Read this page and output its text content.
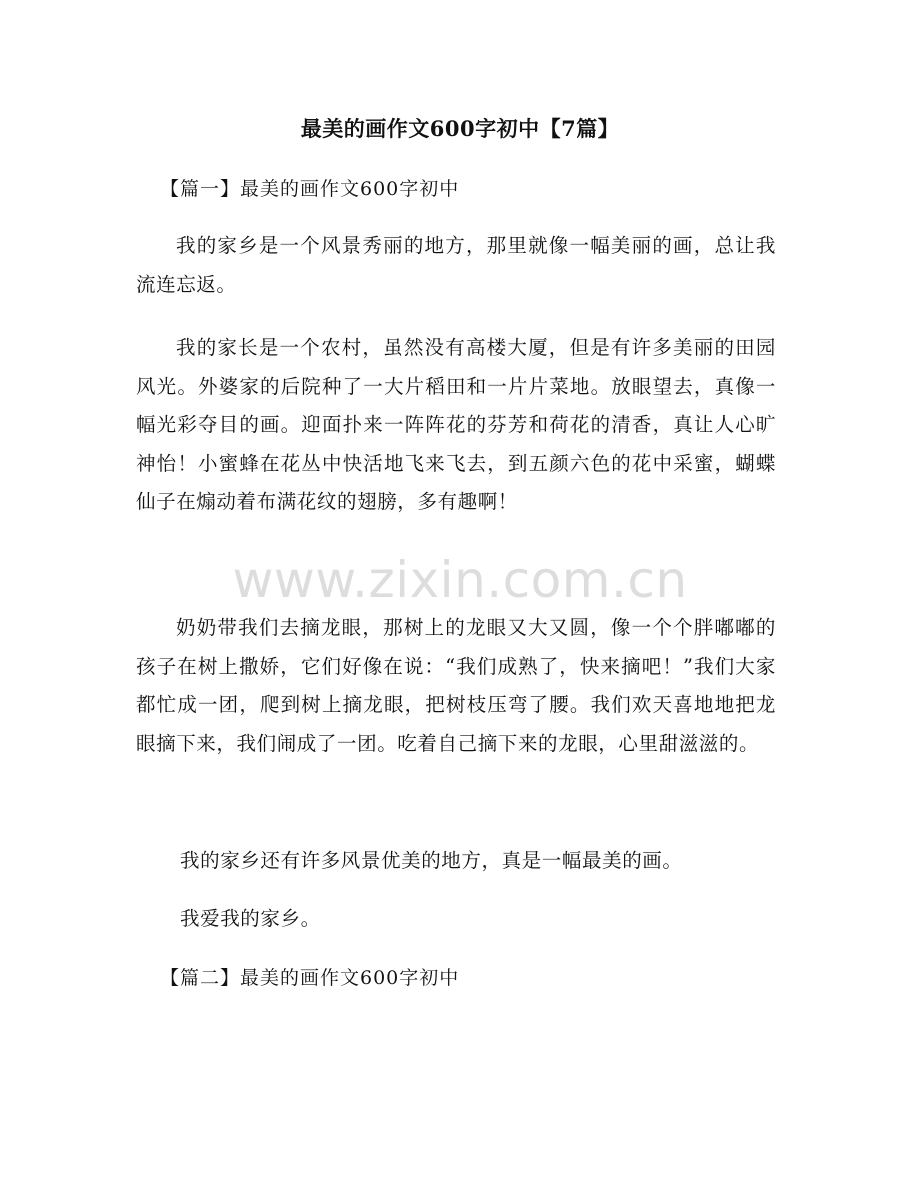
最美的画作文600字初中【7篇】
【篇一】最美的画作文600字初中
我的家乡是一个风景秀丽的地方，那里就像一幅美丽的画，总让我流连忘返。
我的家长是一个农村，虽然没有高楼大厦，但是有许多美丽的田园风光。外婆家的后院种了一大片稻田和一片片菜地。放眼望去，真像一幅光彩夺目的画。迎面扑来一阵阵花的芬芳和荷花的清香，真让人心旷神怡！小蜜蜂在花丛中快活地飞来飞去，到五颜六色的花中采蜜，蝴蝶仙子在煽动着布满花纹的翅膀，多有趣啊！
奶奶带我们去摘龙眼，那树上的龙眼又大又圆，像一个个胖嘟嘟的孩子在树上撒娇，它们好像在说：“我们成熟了，快来摘吧！”我们大家都忙成一团，爬到树上摘龙眼，把树枝压弯了腰。我们欢天喜地地把龙眼摘下来，我们闹成了一团。吃着自己摘下来的龙眼，心里甜滋滋的。
我的家乡还有许多风景优美的地方，真是一幅最美的画。
我爱我的家乡。
【篇二】最美的画作文600字初中
www.zixin.com.cn
